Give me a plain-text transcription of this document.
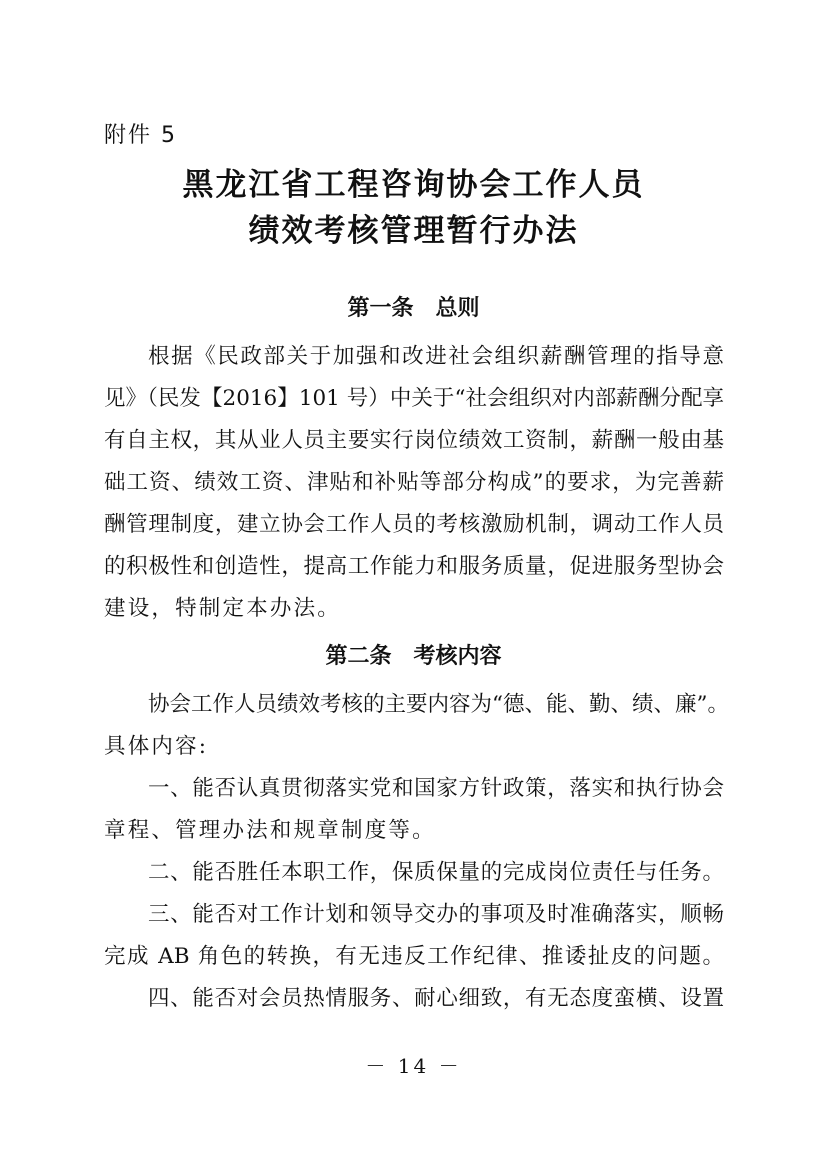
附件 5
黑龙江省工程咨询协会工作人员
绩效考核管理暂行办法
第一条　总则
根据《民政部关于加强和改进社会组织薪酬管理的指导意
见》（民发【2016】101 号）中关于“社会组织对内部薪酬分配享
有自主权，其从业人员主要实行岗位绩效工资制，薪酬一般由基
础工资、绩效工资、津贴和补贴等部分构成”的要求，为完善薪
酬管理制度，建立协会工作人员的考核激励机制，调动工作人员
的积极性和创造性，提高工作能力和服务质量，促进服务型协会
建设，特制定本办法。
第二条　考核内容
协会工作人员绩效考核的主要内容为“德、能、勤、绩、廉”。
具体内容:
一、能否认真贯彻落实党和国家方针政策，落实和执行协会
章程、管理办法和规章制度等。
二、能否胜任本职工作，保质保量的完成岗位责任与任务。
三、能否对工作计划和领导交办的事项及时准确落实，顺畅
完成 AB 角色的转换，有无违反工作纪律、推诿扯皮的问题。
四、能否对会员热情服务、耐心细致，有无态度蛮横、设置
－ 14 －
